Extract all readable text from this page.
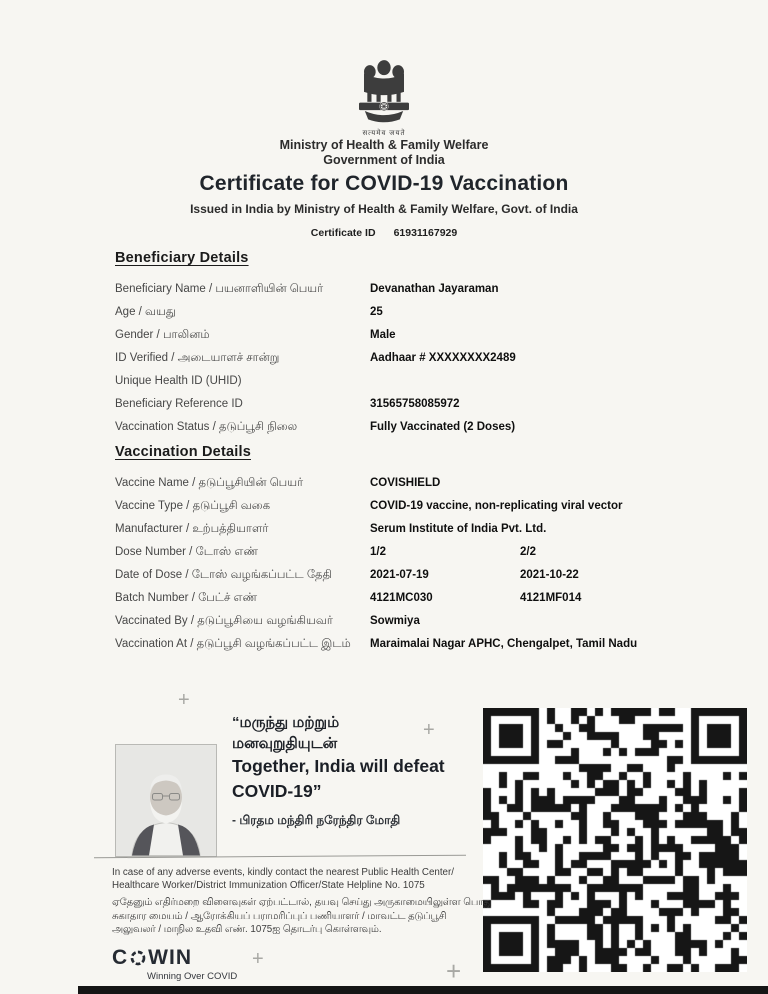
सत्यमेव जयते
Ministry of Health & Family Welfare
Government of India
Certificate for COVID-19 Vaccination
Issued in India by Ministry of Health & Family Welfare, Govt. of India
Certificate ID 61931167929
Beneficiary Details
Beneficiary Name / பயனாளியின் பெயர்	Devanathan Jayaraman
Age / வயது	25
Gender / பாலினம்	Male
ID Verified / அடையாளச் சான்று	Aadhaar # XXXXXXXX2489
Unique Health ID (UHID)
Beneficiary Reference ID	31565758085972
Vaccination Status / தடுப்பூசி நிலை	Fully Vaccinated (2 Doses)
Vaccination Details
Vaccine Name / தடுப்பூசியின் பெயர்	COVISHIELD
Vaccine Type / தடுப்பூசி வகை	COVID-19 vaccine, non-replicating viral vector
Manufacturer / உற்பத்தியாளர்	Serum Institute of India Pvt. Ltd.
Dose Number / டோஸ் எண்	1/2	2/2
Date of Dose / டோஸ் வழங்கப்பட்ட தேதி	2021-07-19	2021-10-22
Batch Number / பேட்ச் எண்	4121MC030	4121MF014
Vaccinated By / தடுப்பூசியை வழங்கியவர்	Sowmiya
Vaccination At / தடுப்பூசி வழங்கப்பட்ட இடம் Maraimalai Nagar APHC, Chengalpet, Tamil Nadu
“மருந்து மற்றும்
மனவுறுதியுடன்
Together, India will defeat
COVID-19”
- பிரதம மந்திரி நரேந்திர மோதி
In case of any adverse events, kindly contact the nearest Public Health Center/ Healthcare Worker/District Immunization Officer/State Helpline No. 1075
ஏதேனும் எதிர்மறை விளைவுகள் ஏற்பட்டால், தயவு செய்து அருகாமையிலுள்ள பொது சுகாதார மையம் / ஆரோக்கியப் பராமரிப்புப் பணியாளர் / மாவட்ட தடுப்பூசி அலுவலர் / மாநில உதவி எண். 1075ஐ தொடர்பு கொள்ளவும்.
C WIN
Winning Over COVID
+
+
+	+
